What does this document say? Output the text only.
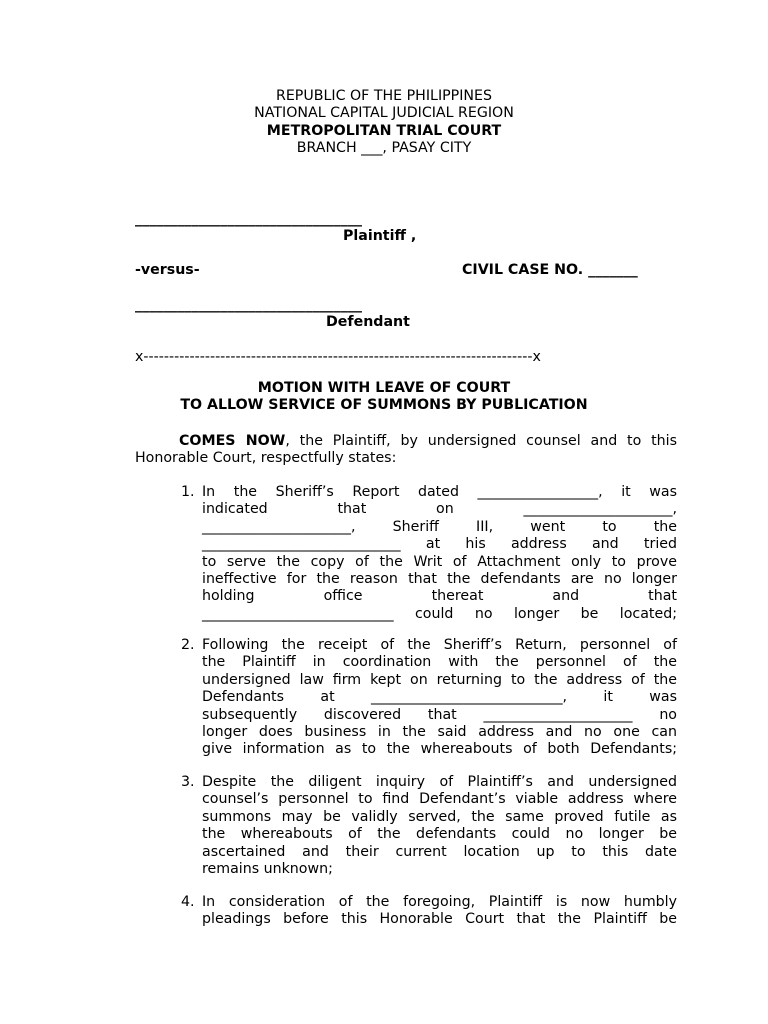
REPUBLIC OF THE PHILIPPINES
NATIONAL CAPITAL JUDICIAL REGION
METROPOLITAN TRIAL COURT
BRANCH ___, PASAY CITY
________________________________
Plaintiff ,
-versus-	CIVIL CASE NO. _______
________________________________
Defendant
x----------------------------------------------------------------------------x
MOTION WITH LEAVE OF COURT
TO ALLOW SERVICE OF SUMMONS BY PUBLICATION
COMES NOW, the Plaintiff, by undersigned counsel and to this
Honorable Court, respectfully states:
1. In the Sheriff’s Report dated _________________, it was
indicated that on _____________________,
_____________________, Sheriff III, went to the
____________________________ at his address and tried
to serve the copy of the Writ of Attachment only to prove
ineffective for the reason that the defendants are no longer
holding office thereat and that
___________________________ could no longer be located;
2. Following the receipt of the Sheriff’s Return, personnel of
the Plaintiff in coordination with the personnel of the
undersigned law firm kept on returning to the address of the
Defendants at ___________________________, it was
subsequently discovered that _____________________ no
longer does business in the said address and no one can
give information as to the whereabouts of both Defendants;
3. Despite the diligent inquiry of Plaintiff’s and undersigned
counsel’s personnel to find Defendant’s viable address where
summons may be validly served, the same proved futile as
the whereabouts of the defendants could no longer be
ascertained and their current location up to this date
remains unknown;
4. In consideration of the foregoing, Plaintiff is now humbly
pleadings before this Honorable Court that the Plaintiff be
